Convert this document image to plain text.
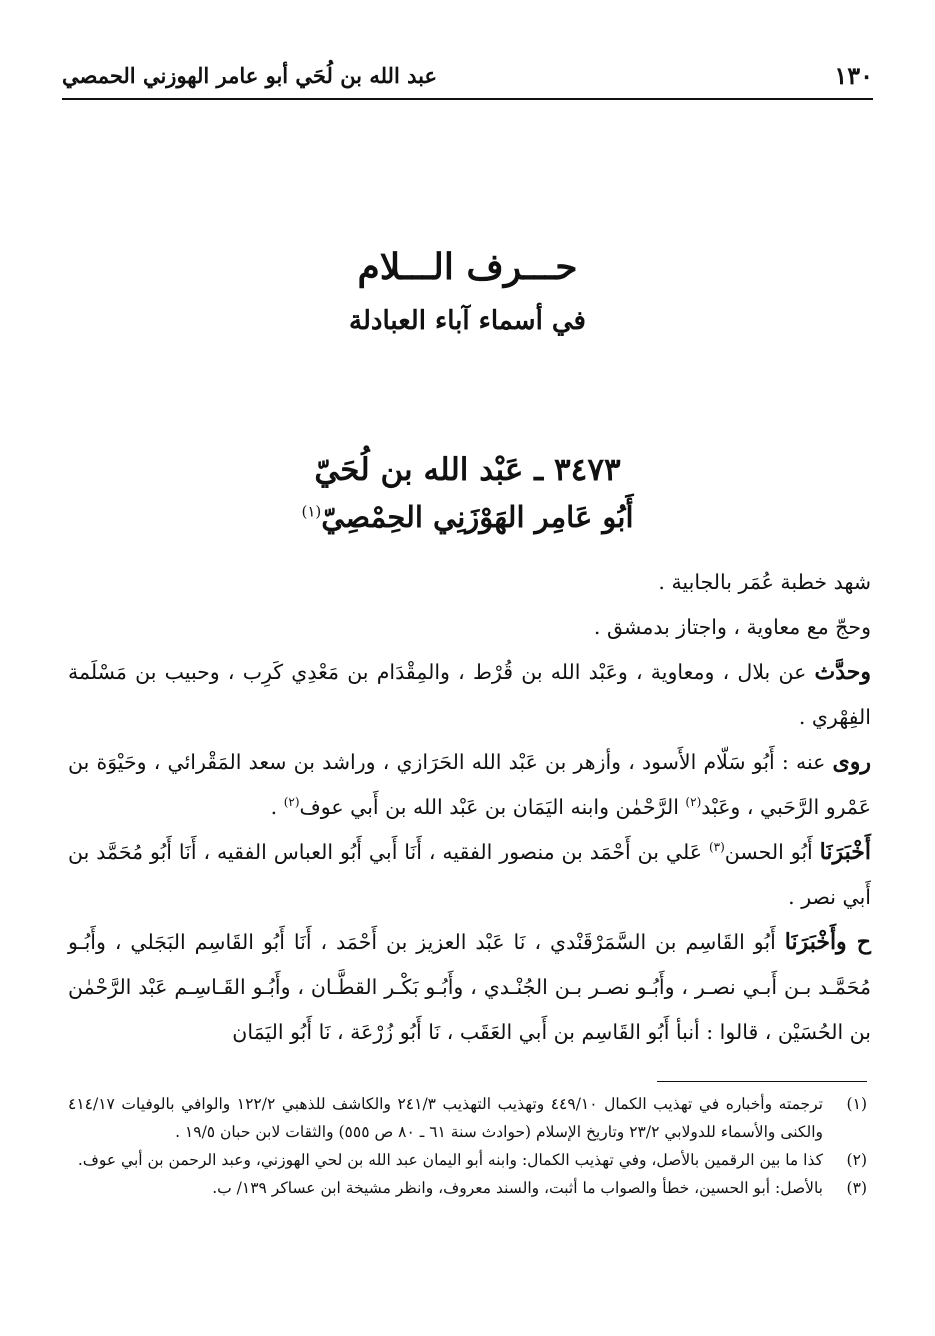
١٣٠
عبد الله بن لُحَي أبو عامر الهوزني الحمصي
حـــرف الـــلام
في أسماء آباء العبادلة
٣٤٧٣ ـ عَبْد الله بن لُحَيّ
أَبُو عَامِر الهَوْزَنِي الحِمْصِيّ$^{(١)}$

شهد خطبة عُمَر بالجابية .

وحجّ مع معاوية ، واجتاز بدمشق .

وحدَّث عن بلال ، ومعاوية ، وعَبْد الله بن قُرْط ، والمِقْدَام بن مَعْدِي كَرِب ، وحبيب بن مَسْلَمة الفِهْري .

روى عنه : أَبُو سَلّام الأَسود ، وأزهر بن عَبْد الله الحَرَازي ، وراشد بن سعد المَقْرائي ، وحَيْوَة بن عَمْرو الرَّحَبي ، وعَبْد$^{(٢)}$ الرَّحْمٰن وابنه اليَمَان بن عَبْد الله بن أَبي عوف$^{(٢)}$ .

أَخْبَرَنَا أَبُو الحسن$^{(٣)}$ عَلي بن أَحْمَد بن منصور الفقيه ، أَنَا أَبي أَبُو العباس الفقيه ، أَنَا أَبُو مُحَمَّد بن أَبي نصر .

ح وأَخْبَرَنَا أَبُو القَاسِم بن السَّمَرْقَنْدي ، نَا عَبْد العزيز بن أَحْمَد ، أَنَا أَبُو القَاسِم البَجَلي ، وأَبُـو مُحَمَّـد بـن أَبـي نصـر ، وأَبُـو نصـر بـن الجُنْـدي ، وأَبُـو بَكْـر القطَّـان ، وأَبُـو القَـاسِـم عَبْد الرَّحْمٰن بن الحُسَيْن ، قالوا : أنبأ أَبُو القَاسِم بن أَبي العَقَب ، نَا أَبُو زُرْعَة ، نَا أَبُو اليَمَان

(١)
ترجمته وأخباره في تهذيب الكمال ٤٤٩/١٠ وتهذيب التهذيب ٢٤١/٣ والكاشف للذهبي ١٢٢/٢ والوافي بالوفيات ٤١٤/١٧ والكنى والأسماء للدولابي ٢٣/٢ وتاريخ الإسلام (حوادث سنة ٦١ ـ ٨٠ ص ٥٥٥) والثقات لابن حبان ١٩/٥ .
(٢)
كذا ما بين الرقمين بالأصل، وفي تهذيب الكمال: وابنه أبو اليمان عبد الله بن لحي الهوزني، وعبد الرحمن بن أبي عوف.
(٣)
بالأصل: أبو الحسين، خطأ والصواب ما أثبت، والسند معروف، وانظر مشيخة ابن عساكر ١٣٩/ ب.
